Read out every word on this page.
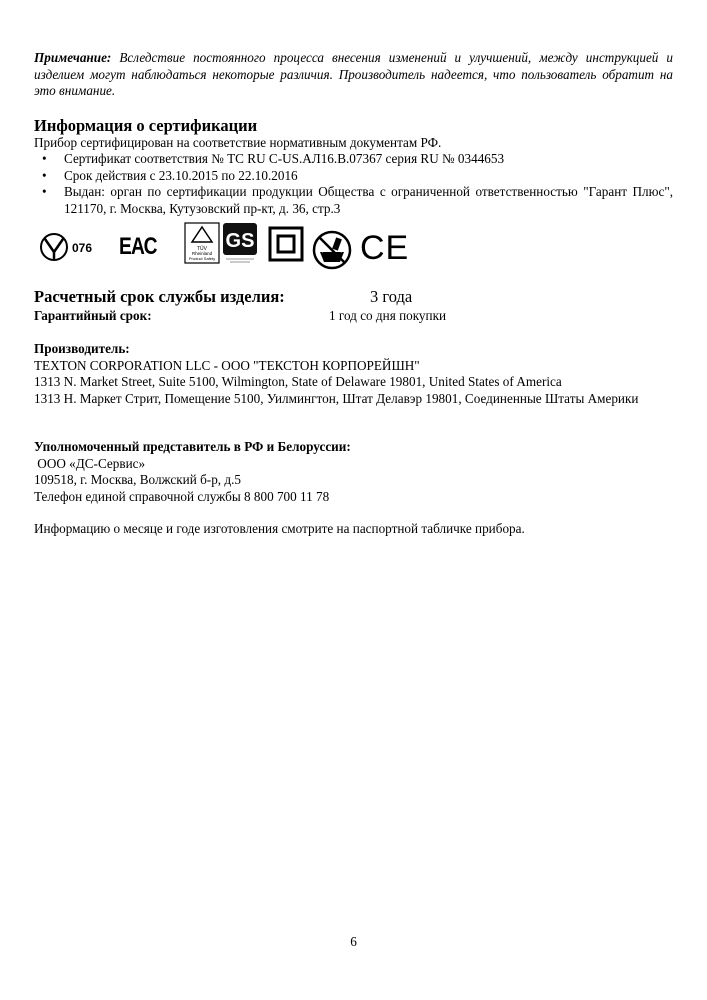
Примечание: Вследствие постоянного процесса внесения изменений и улучшений, между инструкцией и изделием могут наблюдаться некоторые различия. Производитель надеется, что пользователь обратит на это внимание.

Информация о сертификации

Прибор сертифицирован на соответствие нормативным документам РФ.

• Сертификат соответствия № ТС RU C-US.АЛ16.В.07367 серия RU № 0344653
• Срок действия с 23.10.2015 по 22.10.2016
• Выдан: орган по сертификации продукции Общества с ограниченной ответственностью "Гарант Плюс", 121170, г. Москва, Кутузовский пр-кт, д. 36, стр.3
076 ЕАС	TÜV
Rheinland
Product Safety
GS	CE
Расчетный срок службы изделия:	3 года
Гарантийный срок:	1 год со дня покупки

Производитель:

TEXTON CORPORATION LLC - ООО "ТЕКСТОН КОРПОРЕЙШН"

1313 N. Market Street, Suite 5100, Wilmington, State of Delaware 19801, United States of America

1313 Н. Маркет Стрит, Помещение 5100, Уилмингтон, Штат Делавэр 19801, Соединенные Штаты Америки

Уполномоченный представитель в РФ и Белоруссии:

ООО «ДС-Сервис»

109518, г. Москва, Волжский б-р, д.5

Телефон единой справочной службы 8 800 700 11 78

Информацию о месяце и годе изготовления смотрите на паспортной табличке прибора.

6
